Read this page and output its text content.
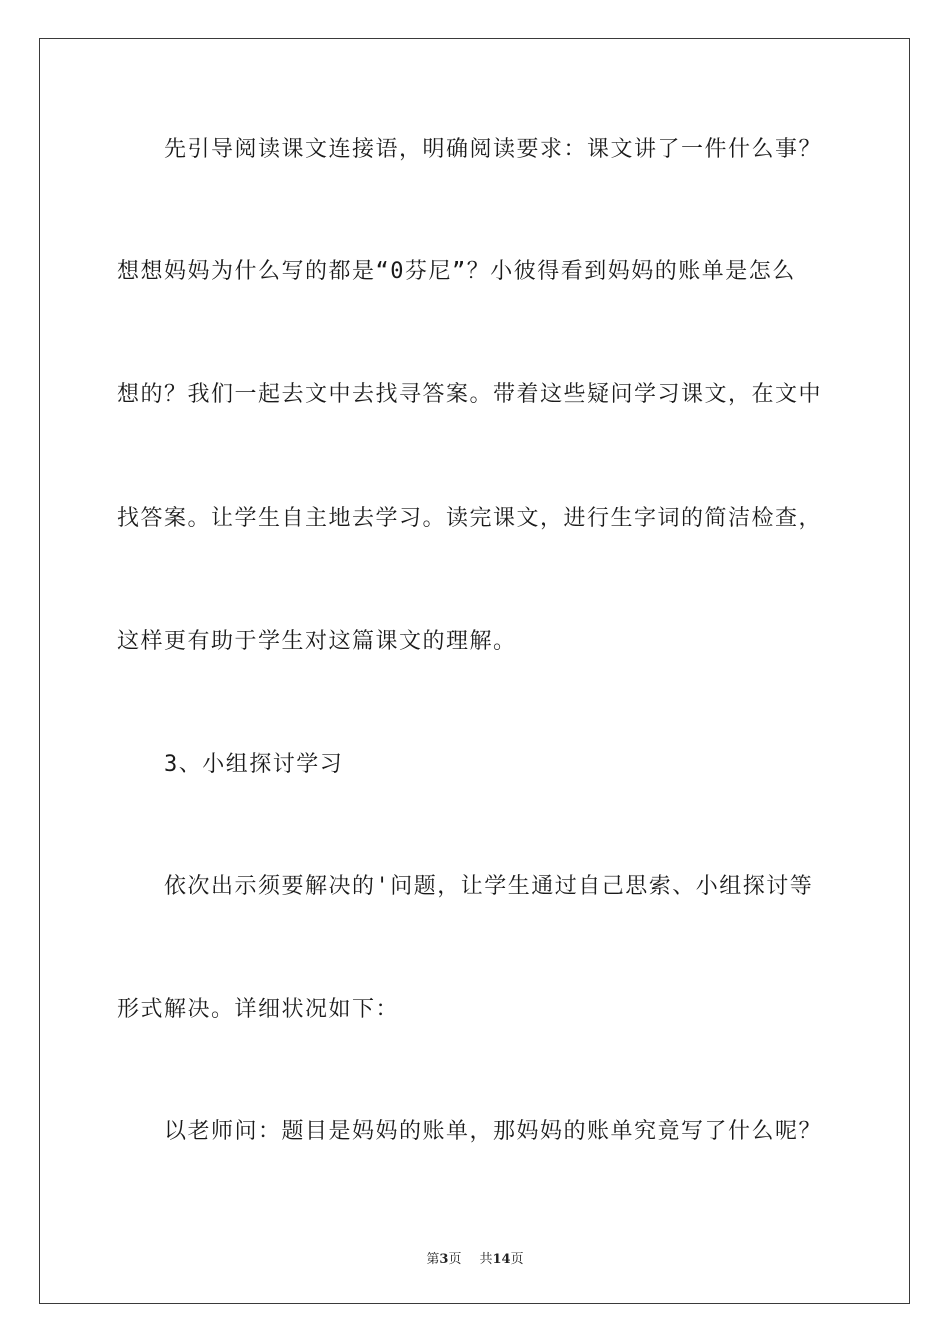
先引导阅读课文连接语，明确阅读要求：课文讲了一件什么事？
想想妈妈为什么写的都是“0芬尼”？小彼得看到妈妈的账单是怎么
想的？我们一起去文中去找寻答案。带着这些疑问学习课文，在文中
找答案。让学生自主地去学习。读完课文，进行生字词的简洁检查，
这样更有助于学生对这篇课文的理解。
3、小组探讨学习
依次出示须要解决的'问题，让学生通过自己思索、小组探讨等
形式解决。详细状况如下：
以老师问：题目是妈妈的账单，那妈妈的账单究竟写了什么呢？
第3页 共14页
